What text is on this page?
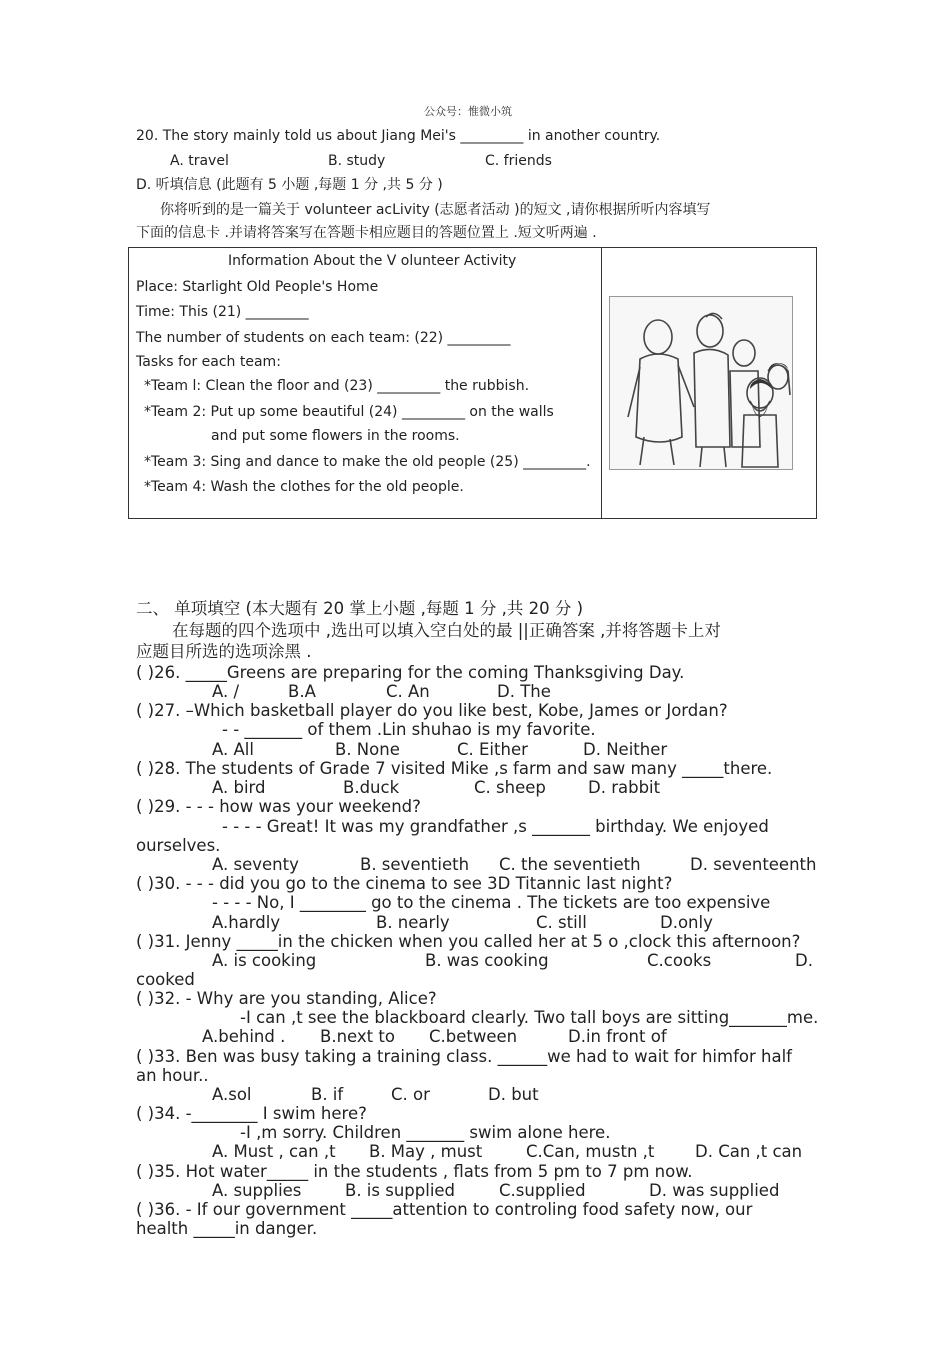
公众号：惟微小筑
20. The story mainly told us about Jiang Mei's _________ in another country.
A. travel	B. study	C. friends
D. 听填信息 (此题有 5 小题 ,每题 1 分 ,共 5 分 )
你将听到的是一篇关于 volunteer acLivity (志愿者活动 )的短文 ,请你根据所听内容填写
下面的信息卡 .并请将答案写在答题卡相应题目的答题位置上 .短文听两遍 .
Information About the V olunteer Activity
Place: Starlight Old People's Home
Time: This (21) _________
The number of students on each team: (22) _________
Tasks for each team:
*Team l: Clean the floor and (23) _________ the rubbish.
*Team 2: Put up some beautiful (24) _________ on the walls
and put some flowers in the rooms.
*Team 3: Sing and dance to make the old people (25) _________.
*Team 4: Wash the clothes for the old people.
二、 单项填空 (本大题有 20 掌上小题 ,每题 1 分 ,共 20 分 )
在每题的四个选项中 ,选出可以填入空白处的最 ||正确答案 ,并将答题卡上对
应题目所选的选项涂黑 .
( )26. _____Greens are preparing for the coming Thanksgiving Day.
A. /	B.A	C. An	D. The
( )27. –Which basketball player do you like best, Kobe, James or Jordan?
- - _______ of them .Lin shuhao is my favorite.
A. All	B. None	C. Either	D. Neither
( )28. The students of Grade 7 visited Mike ,s farm and saw many _____there.
A. bird	B.duck	C. sheep	D. rabbit
( )29. - - - how was your weekend?
- - - - Great! It was my grandfather ,s _______ birthday. We enjoyed
ourselves.
A. seventy	B. seventieth C. the seventieth	D. seventeenth
( )30. - - - did you go to the cinema to see 3D Titannic last night?
- - - - No, I ________ go to the cinema . The tickets are too expensive
A.hardly	B. nearly	C. still	D.only
( )31. Jenny _____in the chicken when you called her at 5 o ,clock this afternoon?
A. is cooking	B. was cooking	C.cooks	D.
cooked
( )32. - Why are you standing, Alice?
-I can ,t see the blackboard clearly. Two tall boys are sitting_______me.
A.behind . B.next to C.between	D.in front of
( )33. Ben was busy taking a training class. ______we had to wait for himfor half
an hour..
A.sol	B. if	C. or	D. but
( )34. -________ I swim here?
-I ,m sorry. Children _______ swim alone here.
A. Must , can ,t B. May , must	C.Can, mustn ,t D. Can ,t can
( )35. Hot water_____ in the students , flats from 5 pm to 7 pm now.
A. supplies	B. is supplied	C.supplied	D. was supplied
( )36. - If our government _____attention to controling food safety now, our
health _____in danger.
